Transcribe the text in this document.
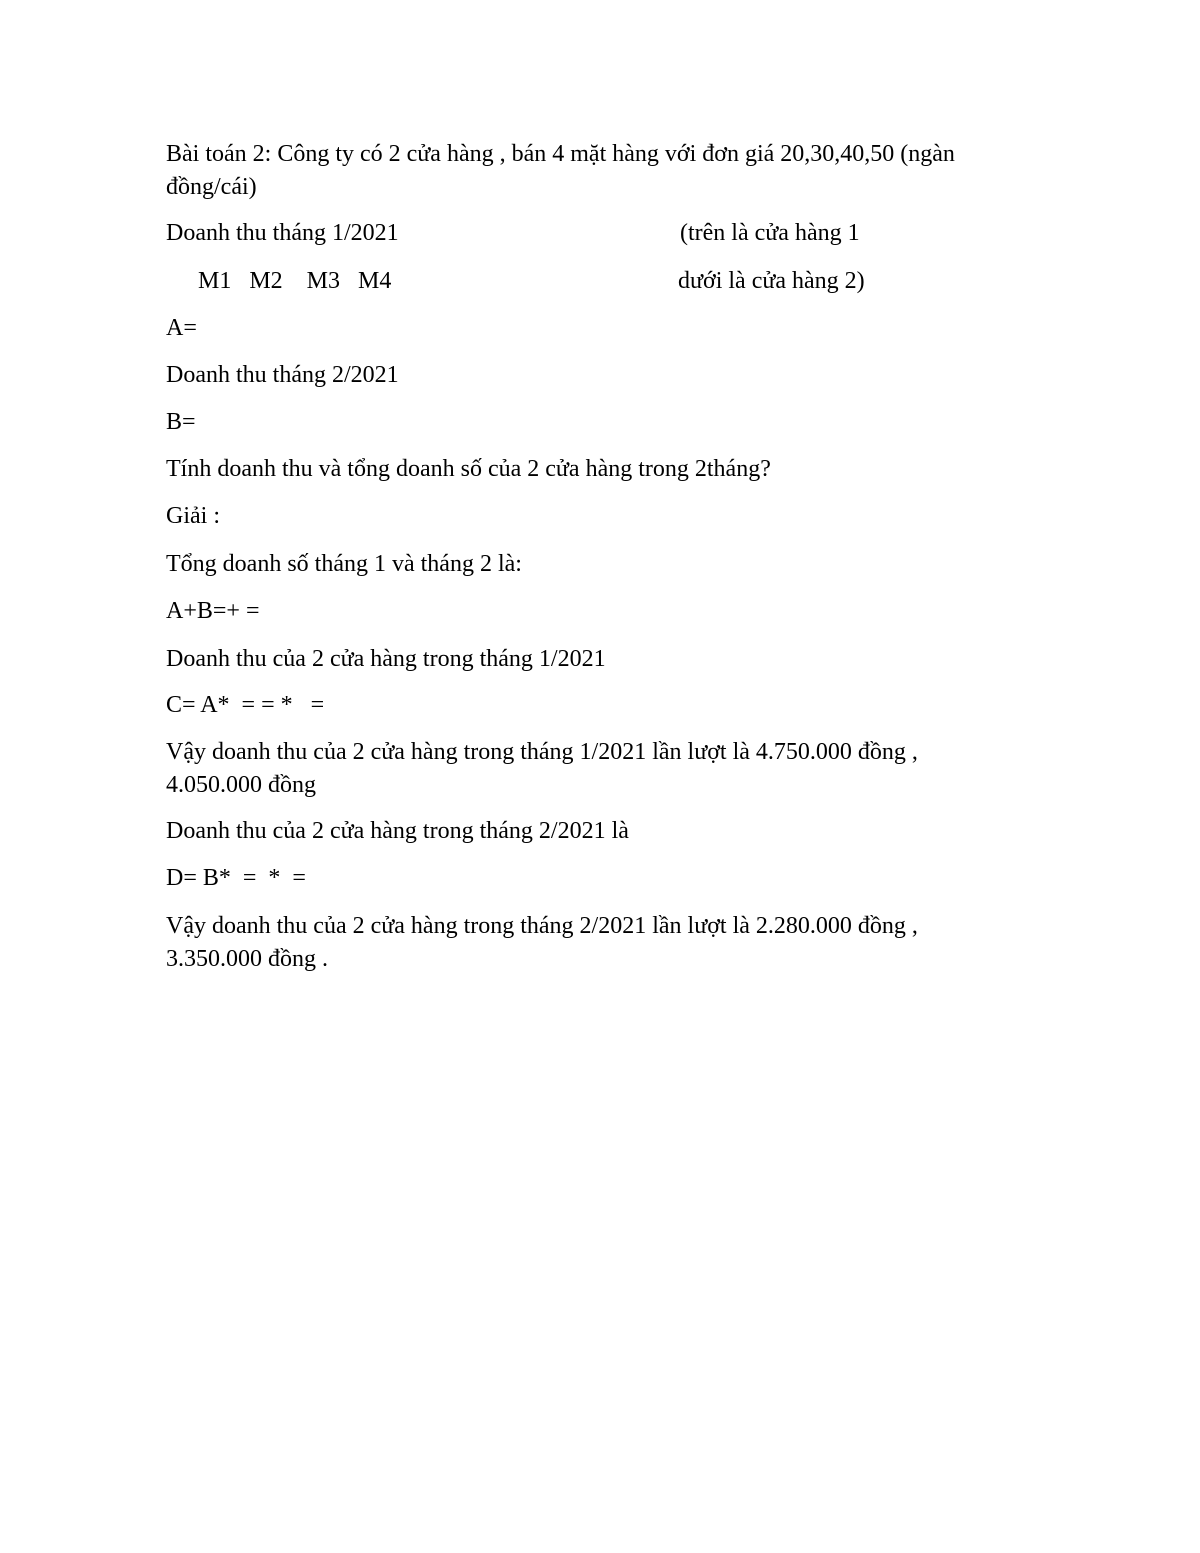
Bài toán 2: Công ty có 2 cửa hàng , bán 4 mặt hàng với đơn giá 20,30,40,50 (ngàn
đồng/cái)
Doanh thu tháng 1/2021	(trên là cửa hàng 1
M1   M2    M3   M4	dưới là cửa hàng 2)
A=
Doanh thu tháng 2/2021
B=
Tính doanh thu và tổng doanh số của 2 cửa hàng trong 2tháng?
Giải :
Tổng doanh số tháng 1 và tháng 2 là:
A+B=+ =
Doanh thu của 2 cửa hàng trong tháng 1/2021
C= A*  = = *   =
Vậy doanh thu của 2 cửa hàng trong tháng 1/2021 lần lượt là 4.750.000 đồng ,
4.050.000 đồng
Doanh thu của 2 cửa hàng trong tháng 2/2021 là
D= B*  =  *  =
Vậy doanh thu của 2 cửa hàng trong tháng 2/2021 lần lượt là 2.280.000 đồng ,
3.350.000 đồng .
